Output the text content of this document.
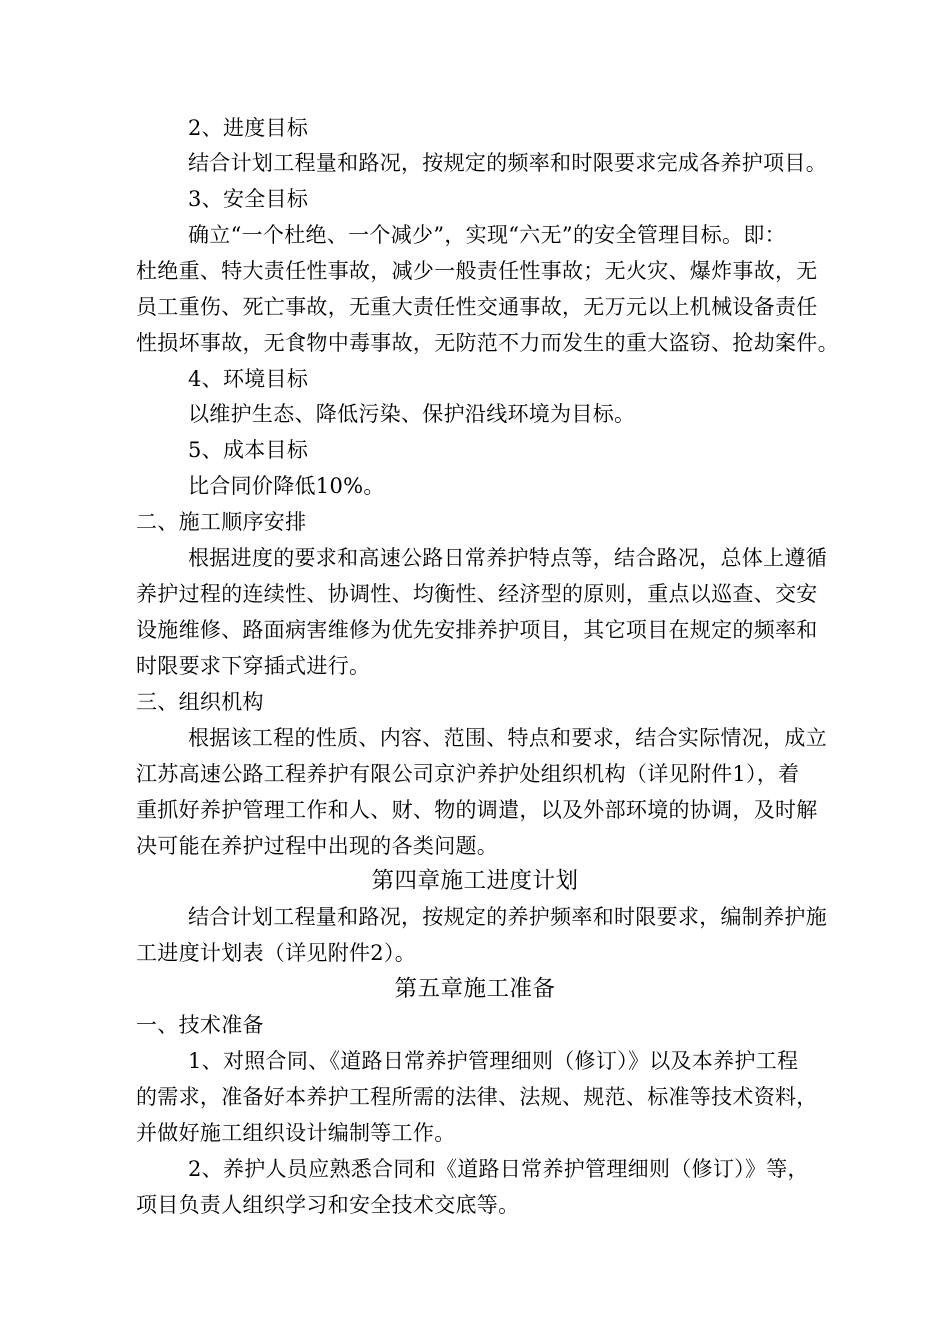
2、进度目标
结合计划工程量和路况，按规定的频率和时限要求完成各养护项目。
3、安全目标
确立“一个杜绝、一个减少”，实现“六无”的安全管理目标。即：
杜绝重、特大责任性事故，减少一般责任性事故；无火灾、爆炸事故，无
员工重伤、死亡事故，无重大责任性交通事故，无万元以上机械设备责任
性损坏事故，无食物中毒事故，无防范不力而发生的重大盗窃、抢劫案件。
4、环境目标
以维护生态、降低污染、保护沿线环境为目标。
5、成本目标
比合同价降低10%。
二、施工顺序安排
根据进度的要求和高速公路日常养护特点等，结合路况，总体上遵循
养护过程的连续性、协调性、均衡性、经济型的原则，重点以巡查、交安
设施维修、路面病害维修为优先安排养护项目，其它项目在规定的频率和
时限要求下穿插式进行。
三、组织机构
根据该工程的性质、内容、范围、特点和要求，结合实际情况，成立
江苏高速公路工程养护有限公司京沪养护处组织机构（详见附件1），着
重抓好养护管理工作和人、财、物的调遣，以及外部环境的协调，及时解
决可能在养护过程中出现的各类问题。
第四章施工进度计划
结合计划工程量和路况，按规定的养护频率和时限要求，编制养护施
工进度计划表（详见附件2）。
第五章施工准备
一、技术准备
1、对照合同、《道路日常养护管理细则（修订）》以及本养护工程
的需求，准备好本养护工程所需的法律、法规、规范、标准等技术资料，
并做好施工组织设计编制等工作。
2、养护人员应熟悉合同和《道路日常养护管理细则（修订）》等，
项目负责人组织学习和安全技术交底等。
